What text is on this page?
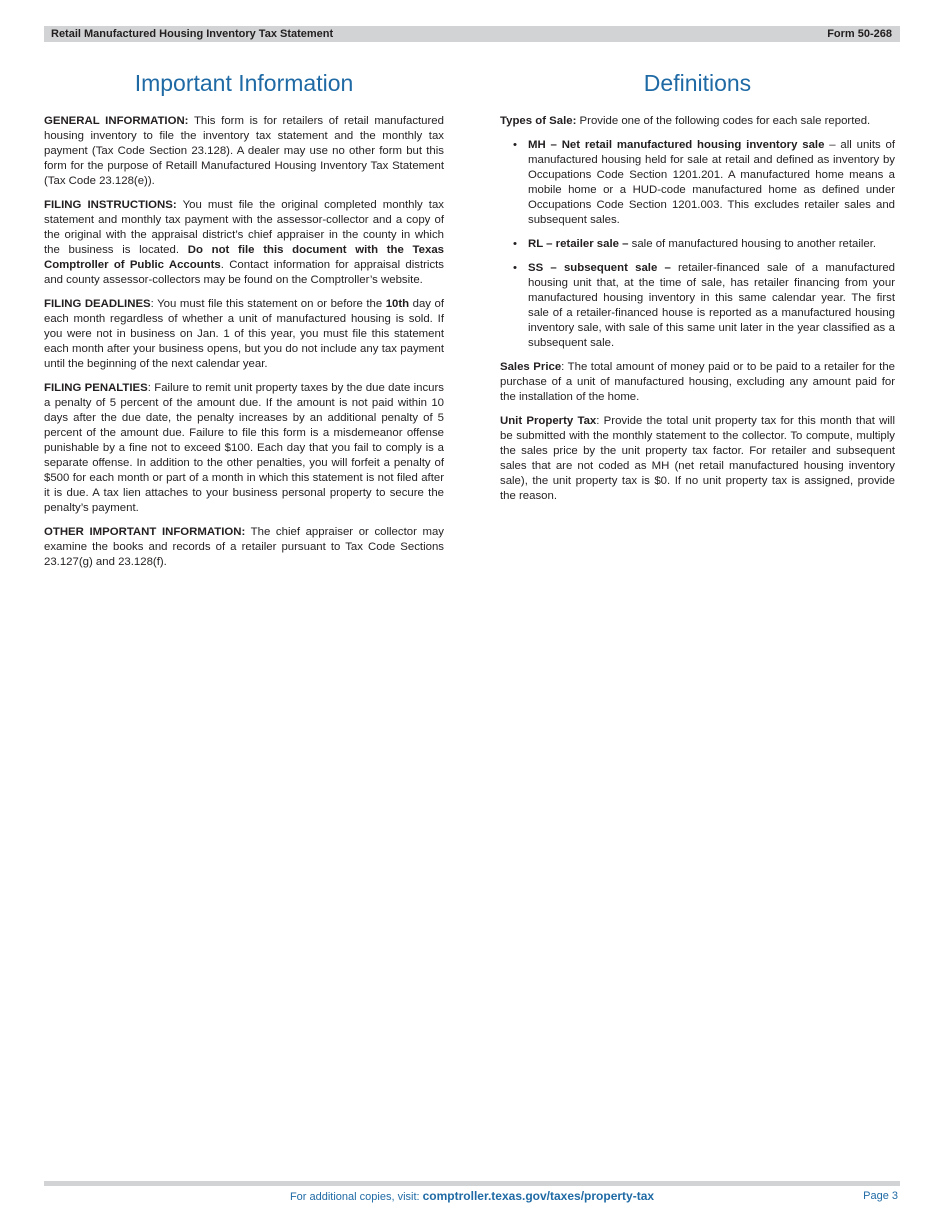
Retail Manufactured Housing Inventory Tax Statement	Form 50-268
Important Information

GENERAL INFORMATION: This form is for retailers of retail manufactured housing inventory to file the inventory tax statement and the monthly tax payment (Tax Code Section 23.128). A dealer may use no other form but this form for the purpose of Retaill Manufactured Housing Inventory Tax Statement (Tax Code 23.128(e)).

FILING INSTRUCTIONS: You must file the original completed monthly tax statement and monthly tax payment with the assessor-collector and a copy of the original with the appraisal district’s chief appraiser in the county in which the business is located. Do not file this document with the Texas Comptroller of Public Accounts. Contact information for appraisal districts and county assessor-collectors may be found on the Comptroller’s website.

FILING DEADLINES: You must file this statement on or before the 10th day of each month regardless of whether a unit of manufactured housing is sold. If you were not in business on Jan. 1 of this year, you must file this statement each month after your business opens, but you do not include any tax payment until the beginning of the next calendar year.

FILING PENALTIES: Failure to remit unit property taxes by the due date incurs a penalty of 5 percent of the amount due. If the amount is not paid within 10 days after the due date, the penalty increases by an additional penalty of 5 percent of the amount due. Failure to file this form is a misdemeanor offense punishable by a fine not to exceed $100. Each day that you fail to comply is a separate offense. In addition to the other penalties, you will forfeit a penalty of $500 for each month or part of a month in which this statement is not filed after it is due. A tax lien attaches to your business personal property to secure the penalty’s payment.

OTHER IMPORTANT INFORMATION: The chief appraiser or collector may examine the books and records of a retailer pursuant to Tax Code Sections 23.127(g) and 23.128(f).

Definitions

Types of Sale: Provide one of the following codes for each sale reported.

• MH – Net retail manufactured housing inventory sale – all units of manufactured housing held for sale at retail and defined as inventory by Occupations Code Section 1201.201. A manufactured home means a mobile home or a HUD-code manufactured home as defined under Occupations Code Section 1201.003. This excludes retailer sales and subsequent sales.
• RL – retailer sale – sale of manufactured housing to another retailer.
• SS – subsequent sale – retailer-financed sale of a manufactured housing unit that, at the time of sale, has retailer financing from your manufactured housing inventory in this same calendar year. The first sale of a retailer-financed house is reported as a manufactured housing inventory sale, with sale of this same unit later in the year classified as a subsequent sale.

Sales Price: The total amount of money paid or to be paid to a retailer for the purchase of a unit of manufactured housing, excluding any amount paid for the installation of the home.

Unit Property Tax: Provide the total unit property tax for this month that will be submitted with the monthly statement to the collector. To compute, multiply the sales price by the unit property tax factor. For retailer and subsequent sales that are not coded as MH (net retail manufactured housing inventory sale), the unit property tax is $0. If no unit property tax is assigned, provide the reason.

For additional copies, visit: comptroller.texas.gov/taxes/property-tax	Page 3
